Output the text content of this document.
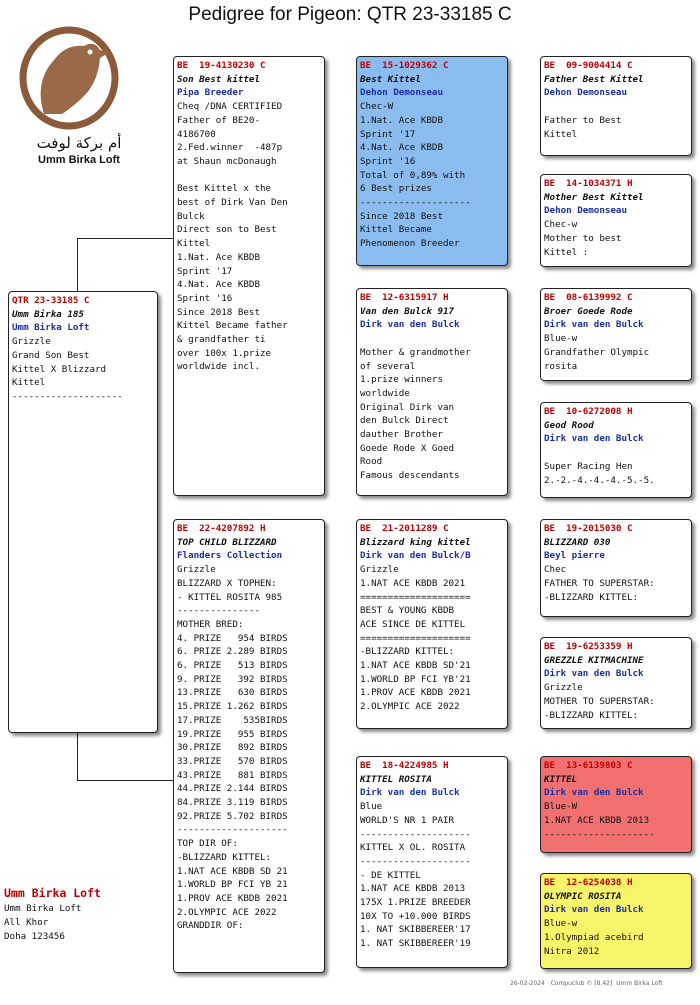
Pedigree for Pigeon: QTR 23-33185 C
أم بركة لوفت
Umm Birka Loft
QTR 23-33185 C
Umm Birka 185
Umm Birka Loft
Grizzle
Grand Son Best
Kittel X Blizzard
Kittel
--------------------
BE  19-4130230 C
Son Best kittel
Pipa Breeder
Cheq /DNA CERTIFIED
Father of BE20-
4186700
2.Fed.winner  -487p
at Shaun mcDonaugh
Best Kittel x the
best of Dirk Van Den
Bulck
Direct son to Best
Kittel
1.Nat. Ace KBDB
Sprint '17
4.Nat. Ace KBDB
Sprint '16
Since 2018 Best
Kittel Became father
& grandfather ti
over 100x 1.prize
worldwide incl.
BE  22-4207892 H
TOP CHILD BLIZZARD
Flanders Collection
Grizzle
BLIZZARD X TOPHEN:
- KITTEL ROSITA 985
---------------
MOTHER BRED:
4. PRIZE   954 BIRDS
6. PRIZE 2.289 BIRDS
6. PRIZE   513 BIRDS
9. PRIZE   392 BIRDS
13.PRIZE   630 BIRDS
15.PRIZE 1.262 BIRDS
17.PRIZE    535BIRDS
19.PRIZE   955 BIRDS
30.PRIZE   892 BIRDS
33.PRIZE   570 BIRDS
43.PRIZE   881 BIRDS
44.PRIZE 2.144 BIRDS
84.PRIZE 3.119 BIRDS
92.PRIZE 5.702 BIRDS
--------------------
TOP DIR OF:
-BLIZZARD KITTEL:
1.NAT ACE KBDB SD 21
1.WORLD BP FCI YB 21
1.PROV ACE KBDB 2021
2.OLYMPIC ACE 2022
GRANDDIR OF:
BE  15-1029362 C
Best Kittel
Dehon Demonseau
Chec-W
1.Nat. Ace KBDB
Sprint '17
4.Nat. Ace KBDB
Sprint '16
Total of 0,89% with
6 Best prizes
--------------------
Since 2018 Best
Kittel Became
Phenomenon Breeder
BE  12-6315917 H
Van den Bulck 917
Dirk van den Bulck
Mother & grandmother
of several
1.prize winners
worldwide
Original Dirk van
den Bulck Direct
dauther Brother
Goede Rode X Goed
Rood
Famous descendants
BE  21-2011289 C
Blizzard king kittel
Dirk van den Bulck/B
Grizzle
1.NAT ACE KBDB 2021
====================
BEST & YOUNG KBDB
ACE SINCE DE KITTEL
====================
-BLIZZARD KITTEL:
1.NAT ACE KBDB SD'21
1.WORLD BP FCI YB'21
1.PROV ACE KBDB 2021
2.OLYMPIC ACE 2022
BE  18-4224985 H
KITTEL ROSITA
Dirk van den Bulck
Blue
WORLD'S NR 1 PAIR
--------------------
KITTEL X OL. ROSITA
--------------------
- DE KITTEL
1.NAT ACE KBDB 2013
175X 1.PRIZE BREEDER
10X TO +10.000 BIRDS
1. NAT SKIBBEREER'17
1. NAT SKIBBEREER'19
BE  09-9004414 C
Father Best Kittel
Dehon Demonseau
Father to Best
Kittel
BE  14-1034371 H
Mother Best Kittel
Dehon Demonseau
Chec-w
Mother to best
Kittel :
BE  08-6139992 C
Broer Goede Rode
Dirk van den Bulck
Blue-w
Grandfather Olympic
rosita
BE  10-6272008 H
Geod Rood
Dirk van den Bulck
Super Racing Hen
2.-2.-4.-4.-4.-5.-5.
BE  19-2015030 C
BLIZZARD 030
Beyl pierre
Chec
FATHER TO SUPERSTAR:
-BLIZZARD KITTEL:
BE  19-6253359 H
GREZZLE KITMACHINE
Dirk van den Bulck
Grizzle
MOTHER TO SUPERSTAR:
-BLIZZARD KITTEL:
BE  13-6139803 C
KITTEL
Dirk van den Bulck
Blue-W
1.NAT ACE KBDB 2013
--------------------
BE  12-6254038 H
OLYMPIC ROSITA
Dirk van den Bulck
Blue-w
1.Olympiad acebird
Nitra 2012
Umm Birka Loft
Umm Birka Loft
All Khor
Doha 123456
26-02-2024   Compuclub © [8.42]  Umm Birka Loft
